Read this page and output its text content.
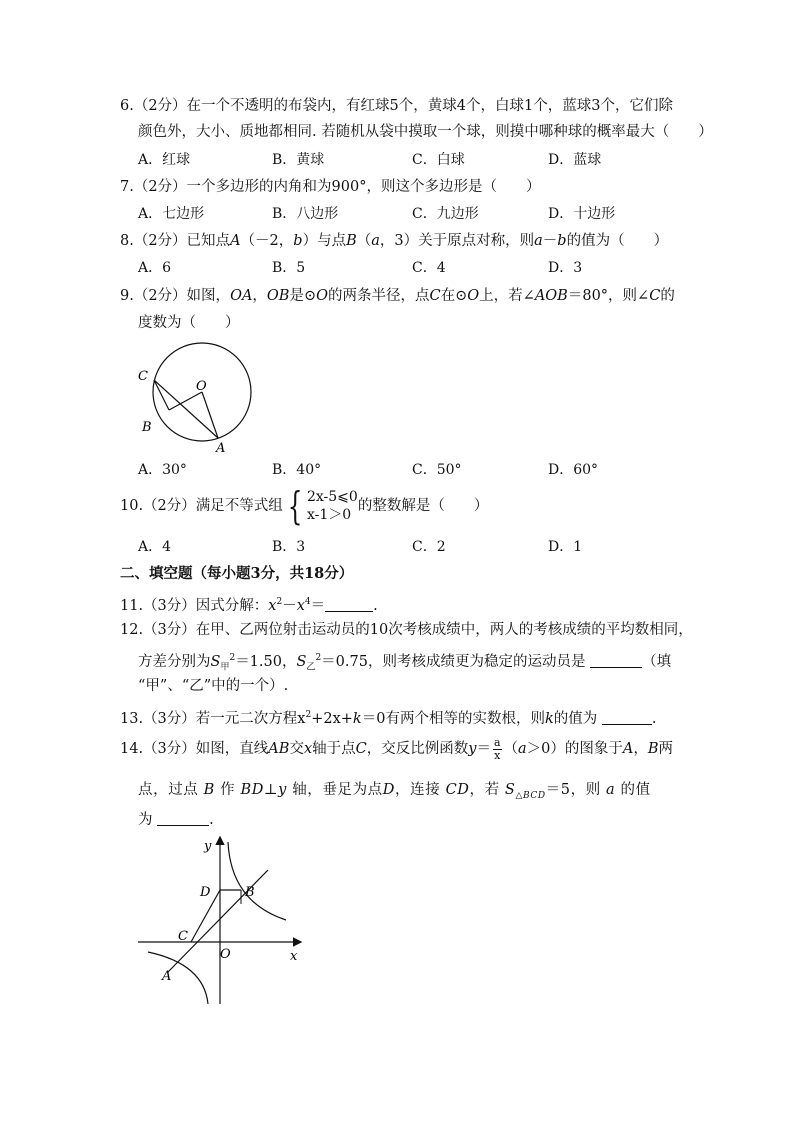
6.（2分）在一个不透明的布袋内，有红球5个，黄球4个，白球1个，蓝球3个，它们除
颜色外，大小、质地都相同. 若随机从袋中摸取一个球，则摸中哪种球的概率最大（　　）
A．红球	B．黄球	C．白球	D．蓝球
7.（2分）一个多边形的内角和为900°，则这个多边形是（　　）
A．七边形	B．八边形	C．九边形	D．十边形
8.（2分）已知点A（－2，b）与点B（a，3）关于原点对称，则a－b的值为（　　）
A．6	B．5	C．4	D．3
9.（2分）如图，OA，OB是⊙O的两条半径，点C在⊙O上，若∠AOB＝80°，则∠C的
度数为（　　）
C
O
B
A
A．30°	B．40°	C．50°	D．60°
10.（2分）满足不等式组 { 2x-5⩽0
x-1＞0
的整数解是（　　）
A．4	B．3	C．2	D．1
二、填空题（每小题3分，共18分）
11.（3分）因式分解：$x^2-x^4=$	.
12.（3分）在甲、乙两位射击运动员的10次考核成绩中，两人的考核成绩的平均数相同，
方差分别为$S_甲^2=1.50$，$S_乙^2=0.75$，则考核成绩更为稳定的运动员是	（填
“甲”、“乙”中的一个）.
13.（3分）若一元二次方程$x^2+2x+k=0$有两个相等的实数根，则k的值为	.
14.（3分）如图，直线AB交x轴于点C，交反比例函数$y= \frac{a}{x} (a>0)$的图象于A，B两
点，过点 B 作 BD⊥y 轴，垂足为点D，连接 CD，若 $S_{\triangle BCD}=5$，则 a 的值
为	.
y
x
D	B
C
O
A
